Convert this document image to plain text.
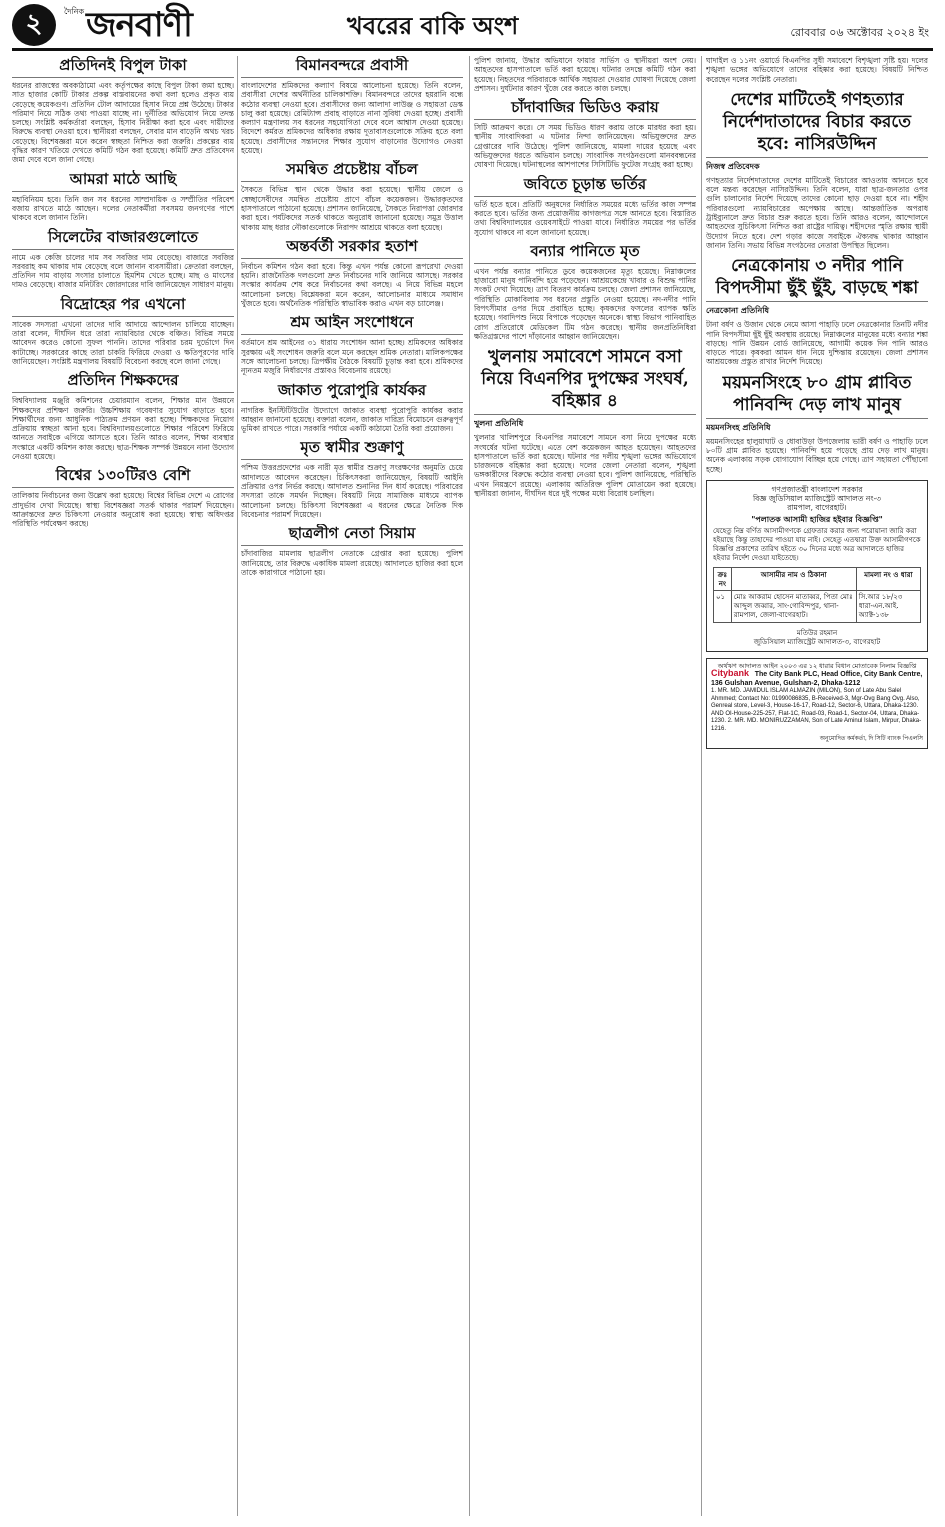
২	দৈনিক জনবাণী	খবরের বাকি অংশ	রোববার ০৬ অক্টোবর ২০২৪ ইং
প্রতিদিনই বিপুল টাকা

ধরনের রাজস্বের অবকাঠামো এবং কর্তৃপক্ষের কাছে বিপুল টাকা জমা হচ্ছে। সাত হাজার কোটি টাকার প্রকল্প বাস্তবায়নের কথা বলা হলেও প্রকৃত ব্যয় বেড়েছে কয়েকগুণ। প্রতিদিন টোল আদায়ের হিসাব নিয়ে প্রশ্ন উঠেছে। টাকার পরিমাণ নিয়ে সঠিক তথ্য পাওয়া যাচ্ছে না। দুর্নীতির অভিযোগ নিয়ে তদন্ত চলছে। সংশ্লিষ্ট কর্মকর্তারা বলছেন, হিসাব নিরীক্ষা করা হবে এবং দায়ীদের বিরুদ্ধে ব্যবস্থা নেওয়া হবে। স্থানীয়রা বলছেন, সেবার মান বাড়েনি অথচ খরচ বেড়েছে। বিশেষজ্ঞরা মনে করেন স্বচ্ছতা নিশ্চিত করা জরুরি। প্রকল্পের ব্যয় বৃদ্ধির কারণ খতিয়ে দেখতে কমিটি গঠন করা হয়েছে। কমিটি দ্রুত প্রতিবেদন জমা দেবে বলে জানা গেছে।

আমরা মাঠে আছি

মহাবিনিয়ম হবে। তিনি জন সব ধরনের সাম্প্রদায়িক ও সম্প্রীতির পরিবেশ বজায় রাখতে মাঠে আছেন। দলের নেতাকর্মীরা সবসময় জনগণের পাশে থাকবে বলে জানান তিনি।

সিলেটের বাজারগুলোতে

নামে এক কেজি চালের দাম সব সবজির দাম বেড়েছে। বাজারে সবজির সরবরাহ কম থাকায় দাম বেড়েছে বলে জানান ব্যবসায়ীরা। ক্রেতারা বলছেন, প্রতিদিন দাম বাড়ায় সংসার চালাতে হিমশিম খেতে হচ্ছে। মাছ ও মাংসের দামও বেড়েছে। বাজার মনিটরিং জোরদারের দাবি জানিয়েছেন সাধারণ মানুষ।

বিদ্রোহের পর এখনো

সাবেক সদস্যরা এখনো তাদের দাবি আদায়ে আন্দোলন চালিয়ে যাচ্ছেন। তারা বলেন, দীর্ঘদিন ধরে তারা ন্যায়বিচার থেকে বঞ্চিত। বিভিন্ন সময়ে আবেদন করেও কোনো সুফল পাননি। তাদের পরিবার চরম দুর্ভোগে দিন কাটাচ্ছে। সরকারের কাছে তারা চাকরি ফিরিয়ে দেওয়া ও ক্ষতিপূরণের দাবি জানিয়েছেন। সংশ্লিষ্ট মন্ত্রণালয় বিষয়টি বিবেচনা করছে বলে জানা গেছে।

প্রতিদিন শিক্ষকদের

বিশ্ববিদ্যালয় মঞ্জুরি কমিশনের চেয়ারম্যান বলেন, শিক্ষার মান উন্নয়নে শিক্ষকদের প্রশিক্ষণ জরুরি। উচ্চশিক্ষায় গবেষণার সুযোগ বাড়াতে হবে। শিক্ষার্থীদের জন্য আধুনিক পাঠ্যক্রম প্রণয়ন করা হচ্ছে। শিক্ষকদের নিয়োগ প্রক্রিয়ায় স্বচ্ছতা আনা হবে। বিশ্ববিদ্যালয়গুলোতে শিক্ষার পরিবেশ ফিরিয়ে আনতে সবাইকে এগিয়ে আসতে হবে। তিনি আরও বলেন, শিক্ষা ব্যবস্থার সংস্কারে একটি কমিশন কাজ করছে। ছাত্র-শিক্ষক সম্পর্ক উন্নয়নে নানা উদ্যোগ নেওয়া হয়েছে।

বিশ্বের ১৩০টিরও বেশি

তালিকায় নির্বাচনের জন্য উল্লেখ করা হয়েছে। বিশ্বের বিভিন্ন দেশে এ রোগের প্রাদুর্ভাব দেখা দিয়েছে। স্বাস্থ্য বিশেষজ্ঞরা সতর্ক থাকার পরামর্শ দিয়েছেন। আক্রান্তদের দ্রুত চিকিৎসা নেওয়ার অনুরোধ করা হয়েছে। স্বাস্থ্য অধিদপ্তর পরিস্থিতি পর্যবেক্ষণ করছে।

বিমানবন্দরে প্রবাসী

বাংলাদেশের শ্রমিকদের কল্যাণ বিষয়ে আলোচনা হয়েছে। তিনি বলেন, প্রবাসীরা দেশের অর্থনীতির চালিকাশক্তি। বিমানবন্দরে তাদের হয়রানি বন্ধে কঠোর ব্যবস্থা নেওয়া হবে। প্রবাসীদের জন্য আলাদা লাউঞ্জ ও সহায়তা ডেস্ক চালু করা হয়েছে। রেমিট্যান্স প্রবাহ বাড়াতে নানা সুবিধা দেওয়া হচ্ছে। প্রবাসী কল্যাণ মন্ত্রণালয় সব ধরনের সহযোগিতা দেবে বলে আশ্বাস দেওয়া হয়েছে। বিদেশে কর্মরত শ্রমিকদের অধিকার রক্ষায় দূতাবাসগুলোকে সক্রিয় হতে বলা হয়েছে। প্রবাসীদের সন্তানদের শিক্ষার সুযোগ বাড়ানোর উদ্যোগও নেওয়া হয়েছে।

সমন্বিত প্রচেষ্টায় বাঁচল

সৈকতে বিভিন্ন স্থান থেকে উদ্ধার করা হয়েছে। স্থানীয় জেলে ও স্বেচ্ছাসেবীদের সমন্বিত প্রচেষ্টায় প্রাণে বাঁচল কয়েকজন। উদ্ধারকৃতদের হাসপাতালে পাঠানো হয়েছে। প্রশাসন জানিয়েছে, সৈকতে নিরাপত্তা জোরদার করা হবে। পর্যটকদের সতর্ক থাকতে অনুরোধ জানানো হয়েছে। সমুদ্র উত্তাল থাকায় মাছ ধরার নৌকাগুলোকে নিরাপদ আশ্রয়ে থাকতে বলা হয়েছে।

অন্তর্বর্তী সরকার হতাশ

নির্বাচন কমিশন গঠন করা হবে। কিন্তু এখন পর্যন্ত কোনো রূপরেখা দেওয়া হয়নি। রাজনৈতিক দলগুলো দ্রুত নির্বাচনের দাবি জানিয়ে আসছে। সরকার সংস্কার কার্যক্রম শেষ করে নির্বাচনের কথা বলছে। এ নিয়ে বিভিন্ন মহলে আলোচনা চলছে। বিশ্লেষকরা মনে করেন, আলোচনার মাধ্যমে সমাধান খুঁজতে হবে। অর্থনৈতিক পরিস্থিতি স্বাভাবিক করাও এখন বড় চ্যালেঞ্জ।

শ্রম আইন সংশোধনে

বর্তমানে শ্রম আইনের ৩১ ধারায় সংশোধন আনা হচ্ছে। শ্রমিকদের অধিকার সুরক্ষায় এই সংশোধন জরুরি বলে মনে করছেন শ্রমিক নেতারা। মালিকপক্ষের সঙ্গে আলোচনা চলছে। ত্রিপক্ষীয় বৈঠকে বিষয়টি চূড়ান্ত করা হবে। শ্রমিকদের ন্যূনতম মজুরি নির্ধারণের প্রস্তাবও বিবেচনায় রয়েছে।

জাকাত পুরোপুরি কার্যকর

নাগরিক ইনস্টিটিউটের উদ্যোগে জাকাত ব্যবস্থা পুরোপুরি কার্যকর করার আহ্বান জানানো হয়েছে। বক্তারা বলেন, জাকাত দারিদ্র্য বিমোচনে গুরুত্বপূর্ণ ভূমিকা রাখতে পারে। সরকারি পর্যায়ে একটি কাঠামো তৈরি করা প্রয়োজন।

মৃত স্বামীর শুক্রাণু

পশ্চিম উত্তরপ্রদেশের এক নারী মৃত স্বামীর শুক্রাণু সংরক্ষণের অনুমতি চেয়ে আদালতে আবেদন করেছেন। চিকিৎসকরা জানিয়েছেন, বিষয়টি আইনি প্রক্রিয়ার ওপর নির্ভর করছে। আদালত শুনানির দিন ধার্য করেছে। পরিবারের সদস্যরা তাকে সমর্থন দিচ্ছেন। বিষয়টি নিয়ে সামাজিক মাধ্যমে ব্যাপক আলোচনা চলছে। চিকিৎসা বিশেষজ্ঞরা এ ধরনের ক্ষেত্রে নৈতিক দিক বিবেচনার পরামর্শ দিয়েছেন।

ছাত্রলীগ নেতা সিয়াম

চাঁদাবাজির মামলায় ছাত্রলীগ নেতাকে গ্রেপ্তার করা হয়েছে। পুলিশ জানিয়েছে, তার বিরুদ্ধে একাধিক মামলা রয়েছে। আদালতে হাজির করা হলে তাকে কারাগারে পাঠানো হয়।

পুলিশ জানায়, উদ্ধার অভিযানে ফায়ার সার্ভিস ও স্থানীয়রা অংশ নেয়। আহতদের হাসপাতালে ভর্তি করা হয়েছে। ঘটনার তদন্তে কমিটি গঠন করা হয়েছে। নিহতদের পরিবারকে আর্থিক সহায়তা দেওয়ার ঘোষণা দিয়েছে জেলা প্রশাসন। দুর্ঘটনার কারণ খুঁজে বের করতে কাজ চলছে।

চাঁদাবাজির ভিডিও করায়

সিটি আক্রমণ করে। সে সময় ভিডিও ধারণ করায় তাকে মারধর করা হয়। স্থানীয় সাংবাদিকরা এ ঘটনার নিন্দা জানিয়েছেন। অভিযুক্তদের দ্রুত গ্রেপ্তারের দাবি উঠেছে। পুলিশ জানিয়েছে, মামলা দায়ের হয়েছে এবং অভিযুক্তদের ধরতে অভিযান চলছে। সাংবাদিক সংগঠনগুলো মানববন্ধনের ঘোষণা দিয়েছে। ঘটনাস্থলের আশপাশের সিসিটিভি ফুটেজ সংগ্রহ করা হচ্ছে।

জবিতে চূড়ান্ত ভর্তির

ভর্তি হতে হবে। প্রতিটি অনুষদের নির্ধারিত সময়ের মধ্যে ভর্তির কাজ সম্পন্ন করতে হবে। ভর্তির জন্য প্রয়োজনীয় কাগজপত্র সঙ্গে আনতে হবে। বিস্তারিত তথ্য বিশ্ববিদ্যালয়ের ওয়েবসাইটে পাওয়া যাবে। নির্ধারিত সময়ের পর ভর্তির সুযোগ থাকবে না বলে জানানো হয়েছে।

বন্যার পানিতে মৃত

এখন পর্যন্ত বন্যার পানিতে ডুবে কয়েকজনের মৃত্যু হয়েছে। নিম্নাঞ্চলের হাজারো মানুষ পানিবন্দি হয়ে পড়েছেন। আশ্রয়কেন্দ্রে খাবার ও বিশুদ্ধ পানির সংকট দেখা দিয়েছে। ত্রাণ বিতরণ কার্যক্রম চলছে। জেলা প্রশাসন জানিয়েছে, পরিস্থিতি মোকাবিলায় সব ধরনের প্রস্তুতি নেওয়া হয়েছে। নদ-নদীর পানি বিপৎসীমার ওপর দিয়ে প্রবাহিত হচ্ছে। কৃষকদের ফসলের ব্যাপক ক্ষতি হয়েছে। গবাদিপশু নিয়ে বিপাকে পড়েছেন অনেকে। স্বাস্থ্য বিভাগ পানিবাহিত রোগ প্রতিরোধে মেডিকেল টিম গঠন করেছে। স্থানীয় জনপ্রতিনিধিরা ক্ষতিগ্রস্তদের পাশে দাঁড়ানোর আহ্বান জানিয়েছেন।

খুলনায় সমাবেশে সামনে বসা নিয়ে বিএনপির দুপক্ষের সংঘর্ষ, বহিষ্কার ৪
খুলনা প্রতিনিধি

খুলনার খালিশপুরে বিএনপির সমাবেশে সামনে বসা নিয়ে দুপক্ষের মধ্যে সংঘর্ষের ঘটনা ঘটেছে। এতে বেশ কয়েকজন আহত হয়েছেন। আহতদের হাসপাতালে ভর্তি করা হয়েছে। ঘটনার পর দলীয় শৃঙ্খলা ভঙ্গের অভিযোগে চারজনকে বহিষ্কার করা হয়েছে। দলের জেলা নেতারা বলেন, শৃঙ্খলা ভঙ্গকারীদের বিরুদ্ধে কঠোর ব্যবস্থা নেওয়া হবে। পুলিশ জানিয়েছে, পরিস্থিতি এখন নিয়ন্ত্রণে রয়েছে। এলাকায় অতিরিক্ত পুলিশ মোতায়েন করা হয়েছে। স্থানীয়রা জানান, দীর্ঘদিন ধরে দুই পক্ষের মধ্যে বিরোধ চলছিল।

ঘাদাইল ও ১১নং ওয়ার্ডে বিএনপির সুধী সমাবেশে বিশৃঙ্খলা সৃষ্টি হয়। দলের শৃঙ্খলা ভঙ্গের অভিযোগে তাদের বহিষ্কার করা হয়েছে। বিষয়টি নিশ্চিত করেছেন দলের সংশ্লিষ্ট নেতারা।

দেশের মাটিতেই গণহত্যার নির্দেশদাতাদের বিচার করতে হবে: নাসিরউদ্দিন
নিজস্ব প্রতিবেদক

গণহত্যার নির্দেশদাতাদের দেশের মাটিতেই বিচারের আওতায় আনতে হবে বলে মন্তব্য করেছেন নাসিরউদ্দিন। তিনি বলেন, যারা ছাত্র-জনতার ওপর গুলি চালানোর নির্দেশ দিয়েছে তাদের কোনো ছাড় দেওয়া হবে না। শহীদ পরিবারগুলো ন্যায়বিচারের অপেক্ষায় আছে। আন্তর্জাতিক অপরাধ ট্রাইব্যুনালে দ্রুত বিচার শুরু করতে হবে। তিনি আরও বলেন, আন্দোলনে আহতদের সুচিকিৎসা নিশ্চিত করা রাষ্ট্রের দায়িত্ব। শহীদদের স্মৃতি রক্ষায় স্থায়ী উদ্যোগ নিতে হবে। দেশ গড়ার কাজে সবাইকে ঐক্যবদ্ধ থাকার আহ্বান জানান তিনি। সভায় বিভিন্ন সংগঠনের নেতারা উপস্থিত ছিলেন।

নেত্রকোনায় ৩ নদীর পানি বিপদসীমা ছুঁই ছুঁই, বাড়ছে শঙ্কা
নেত্রকোনা প্রতিনিধি

টানা বর্ষণ ও উজান থেকে নেমে আসা পাহাড়ি ঢলে নেত্রকোনার তিনটি নদীর পানি বিপদসীমা ছুঁই ছুঁই অবস্থায় রয়েছে। নিম্নাঞ্চলের মানুষের মধ্যে বন্যার শঙ্কা বাড়ছে। পানি উন্নয়ন বোর্ড জানিয়েছে, আগামী কয়েক দিন পানি আরও বাড়তে পারে। কৃষকরা আমন ধান নিয়ে দুশ্চিন্তায় রয়েছেন। জেলা প্রশাসন আশ্রয়কেন্দ্র প্রস্তুত রাখার নির্দেশ দিয়েছে।

ময়মনসিংহে ৮০ গ্রাম প্লাবিত পানিবন্দি দেড় লাখ মানুষ
ময়মনসিংহ প্রতিনিধি

ময়মনসিংহের হালুয়াঘাট ও ধোবাউড়া উপজেলায় ভারী বর্ষণ ও পাহাড়ি ঢলে ৮০টি গ্রাম প্লাবিত হয়েছে। পানিবন্দি হয়ে পড়েছে প্রায় দেড় লাখ মানুষ। অনেক এলাকায় সড়ক যোগাযোগ বিচ্ছিন্ন হয়ে গেছে। ত্রাণ সহায়তা পৌঁছানো হচ্ছে।

গণপ্রজাতন্ত্রী বাংলাদেশ সরকার
বিজ্ঞ জুডিসিয়াল ম্যাজিস্ট্রেট আদালত নং-৩
রামপাল, বাগেরহাট।
"পলাতক আসামী হাজির হইবার বিজ্ঞপ্তি"
যেহেতু নিম্ন বর্ণিত আসামীগণকে গ্রেফতার করার জন্য পরোয়ানা জারি করা হইয়াছে কিন্তু তাহাদের পাওয়া যায় নাই। সেহেতু এতদ্বারা উক্ত আসামীগণকে বিজ্ঞপ্তি প্রকাশের তারিখ হইতে ৩০ দিনের মধ্যে অত্র আদালতে হাজির হইবার নির্দেশ দেওয়া যাইতেছে।
ক্রঃ নং	আসামীর নাম ও ঠিকানা	মামলা নং ও ধারা
০১	মোঃ আকরাম হোসেন মাতাব্বর, পিতা মোঃ আব্দুল জব্বার, সাং-গোবিন্দপুর, থানা-রামপাল, জেলা-বাগেরহাট।	সি.আর ১৮/২৩ ধারা-এন.আই. অ্যাক্ট-১৩৮
মতিউর রহমান
জুডিসিয়াল ম্যাজিস্ট্রেট আদালত-৩, বাগেরহাট
অর্থঋণ আদালত আইন ২০০৩ এর ১২ ধারার বিধান মোতাবেক নিলাম বিজ্ঞপ্তি
Citybank The City Bank PLC, Head Office, City Bank Centre, 136 Gulshan Avenue, Gulshan-2, Dhaka-1212
1. MR. MD. JAMIDUL ISLAM ALMAZIN (MILON), Son of Late Abu Salel Ahmmed; Contact No: 01990086835, B-Received-3, Mgr-Ovg Bang Ovg. Also, Genreal store, Level-3, House-16-17, Road-12, Sector-6, Uttara, Dhaka-1230. AND OI-House-225-257, Flat-1C, Road-03, Road-1, Sector-04, Uttara, Dhaka-1230. 2. MR. MD. MONIRUZZAMAN, Son of Late Aminul Islam, Mirpur, Dhaka-1216.
অনুমোদিত কর্মকর্তা, দি সিটি ব্যাংক পিএলসি
